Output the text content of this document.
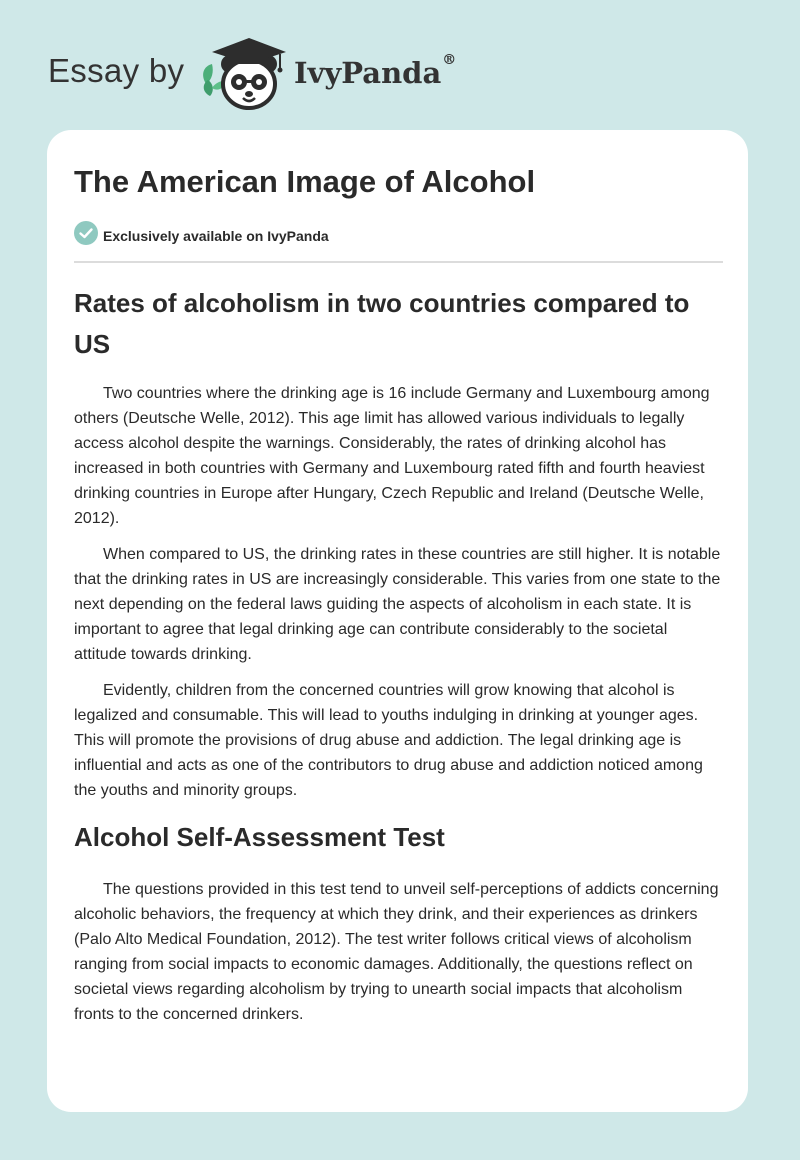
Essay by	IvyPanda®
The American Image of Alcohol
Exclusively available on IvyPanda
Rates of alcoholism in two countries compared to US

Two countries where the drinking age is 16 include Germany and Luxembourg among others (Deutsche Welle, 2012). This age limit has allowed various individuals to legally access alcohol despite the warnings. Considerably, the rates of drinking alcohol has increased in both countries with Germany and Luxembourg rated fifth and fourth heaviest drinking countries in Europe after Hungary, Czech Republic and Ireland (Deutsche Welle, 2012).

When compared to US, the drinking rates in these countries are still higher. It is notable that the drinking rates in US are increasingly considerable. This varies from one state to the next depending on the federal laws guiding the aspects of alcoholism in each state. It is important to agree that legal drinking age can contribute considerably to the societal attitude towards drinking.

Evidently, children from the concerned countries will grow knowing that alcohol is legalized and consumable. This will lead to youths indulging in drinking at younger ages. This will promote the provisions of drug abuse and addiction. The legal drinking age is influential and acts as one of the contributors to drug abuse and addiction noticed among the youths and minority groups.

Alcohol Self-Assessment Test

The questions provided in this test tend to unveil self-perceptions of addicts concerning alcoholic behaviors, the frequency at which they drink, and their experiences as drinkers (Palo Alto Medical Foundation, 2012). The test writer follows critical views of alcoholism ranging from social impacts to economic damages. Additionally, the questions reflect on societal views regarding alcoholism by trying to unearth social impacts that alcoholism fronts to the concerned drinkers.
